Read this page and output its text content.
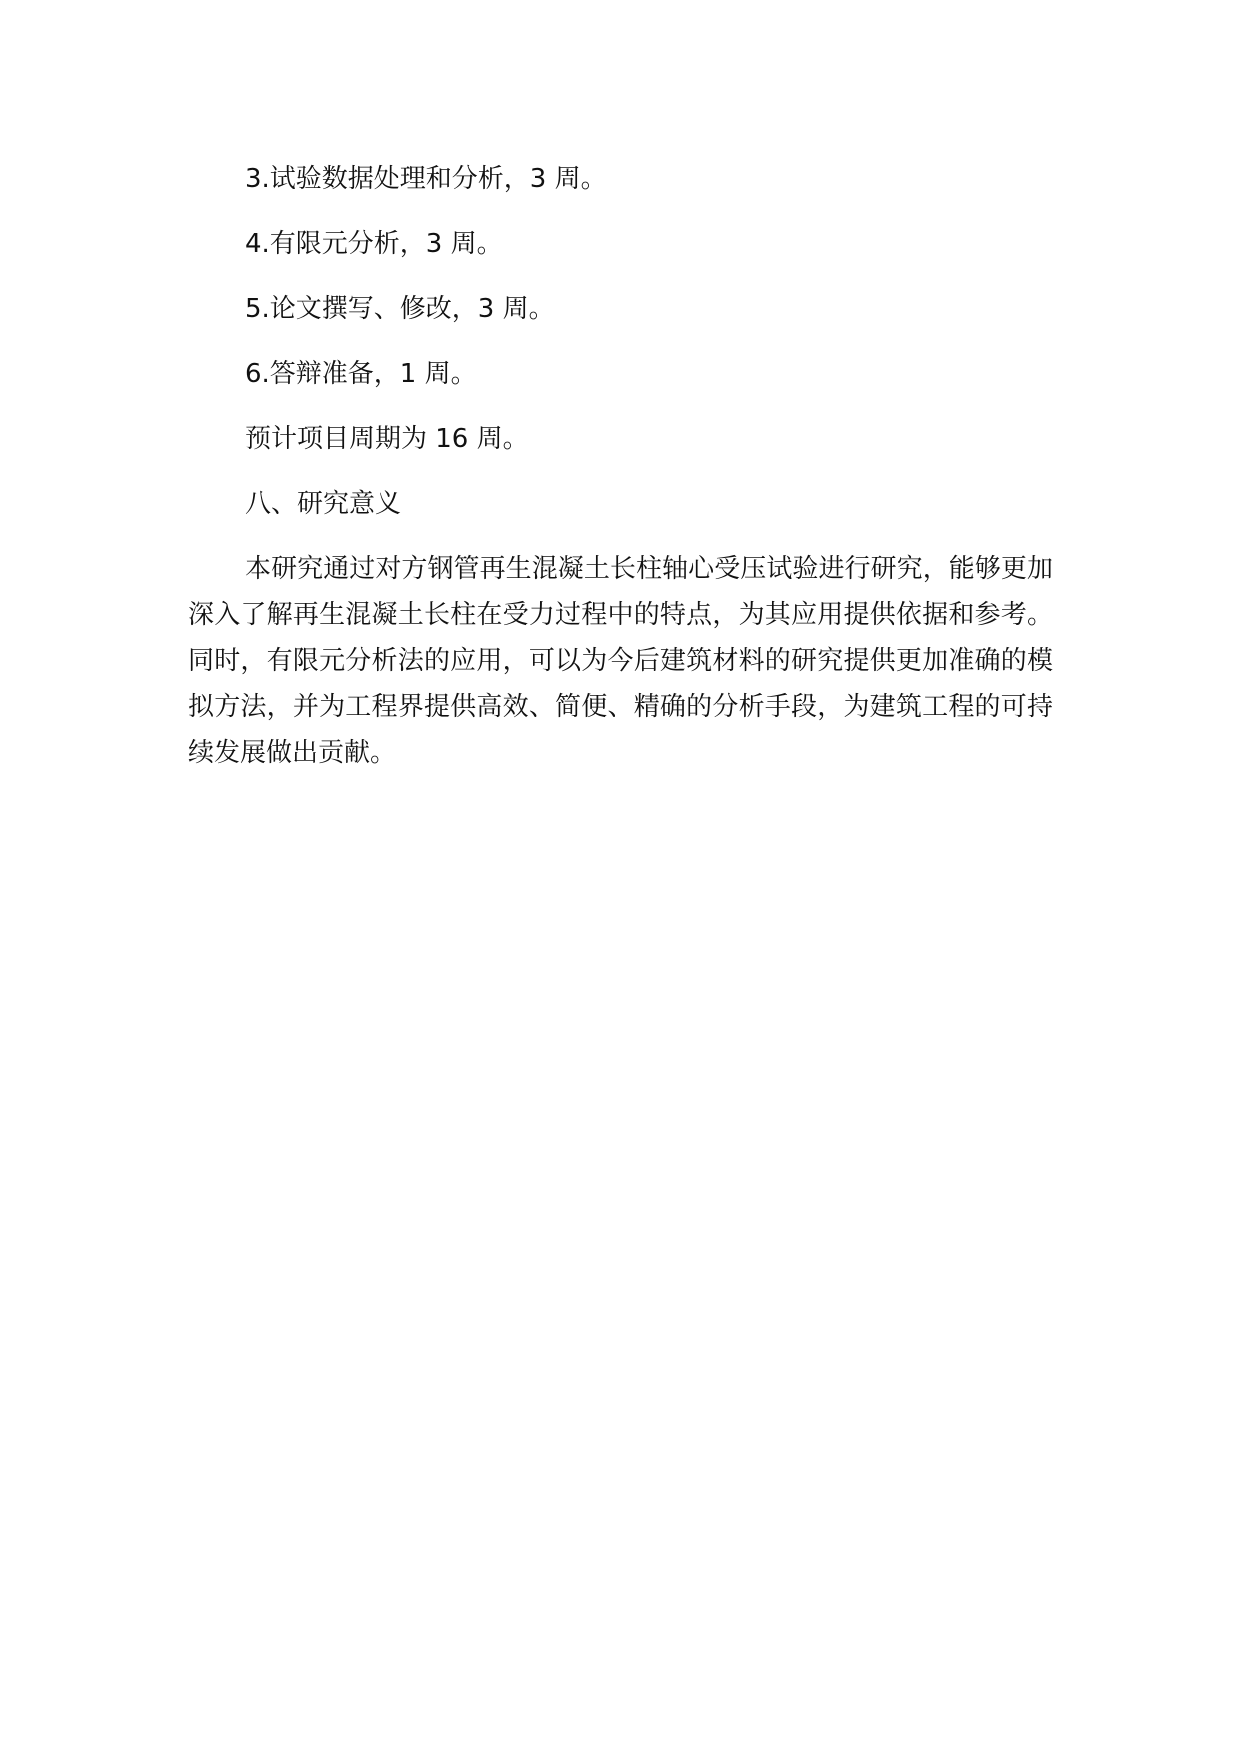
3.试验数据处理和分析，3 周。

4.有限元分析，3 周。

5.论文撰写、修改，3 周。

6.答辩准备，1 周。

预计项目周期为 16 周。

八、研究意义

本研究通过对方钢管再生混凝土长柱轴心受压试验进行研究，能够更加深入了解再生混凝土长柱在受力过程中的特点，为其应用提供依据和参考。同时，有限元分析法的应用，可以为今后建筑材料的研究提供更加准确的模拟方法，并为工程界提供高效、简便、精确的分析手段，为建筑工程的可持续发展做出贡献。
